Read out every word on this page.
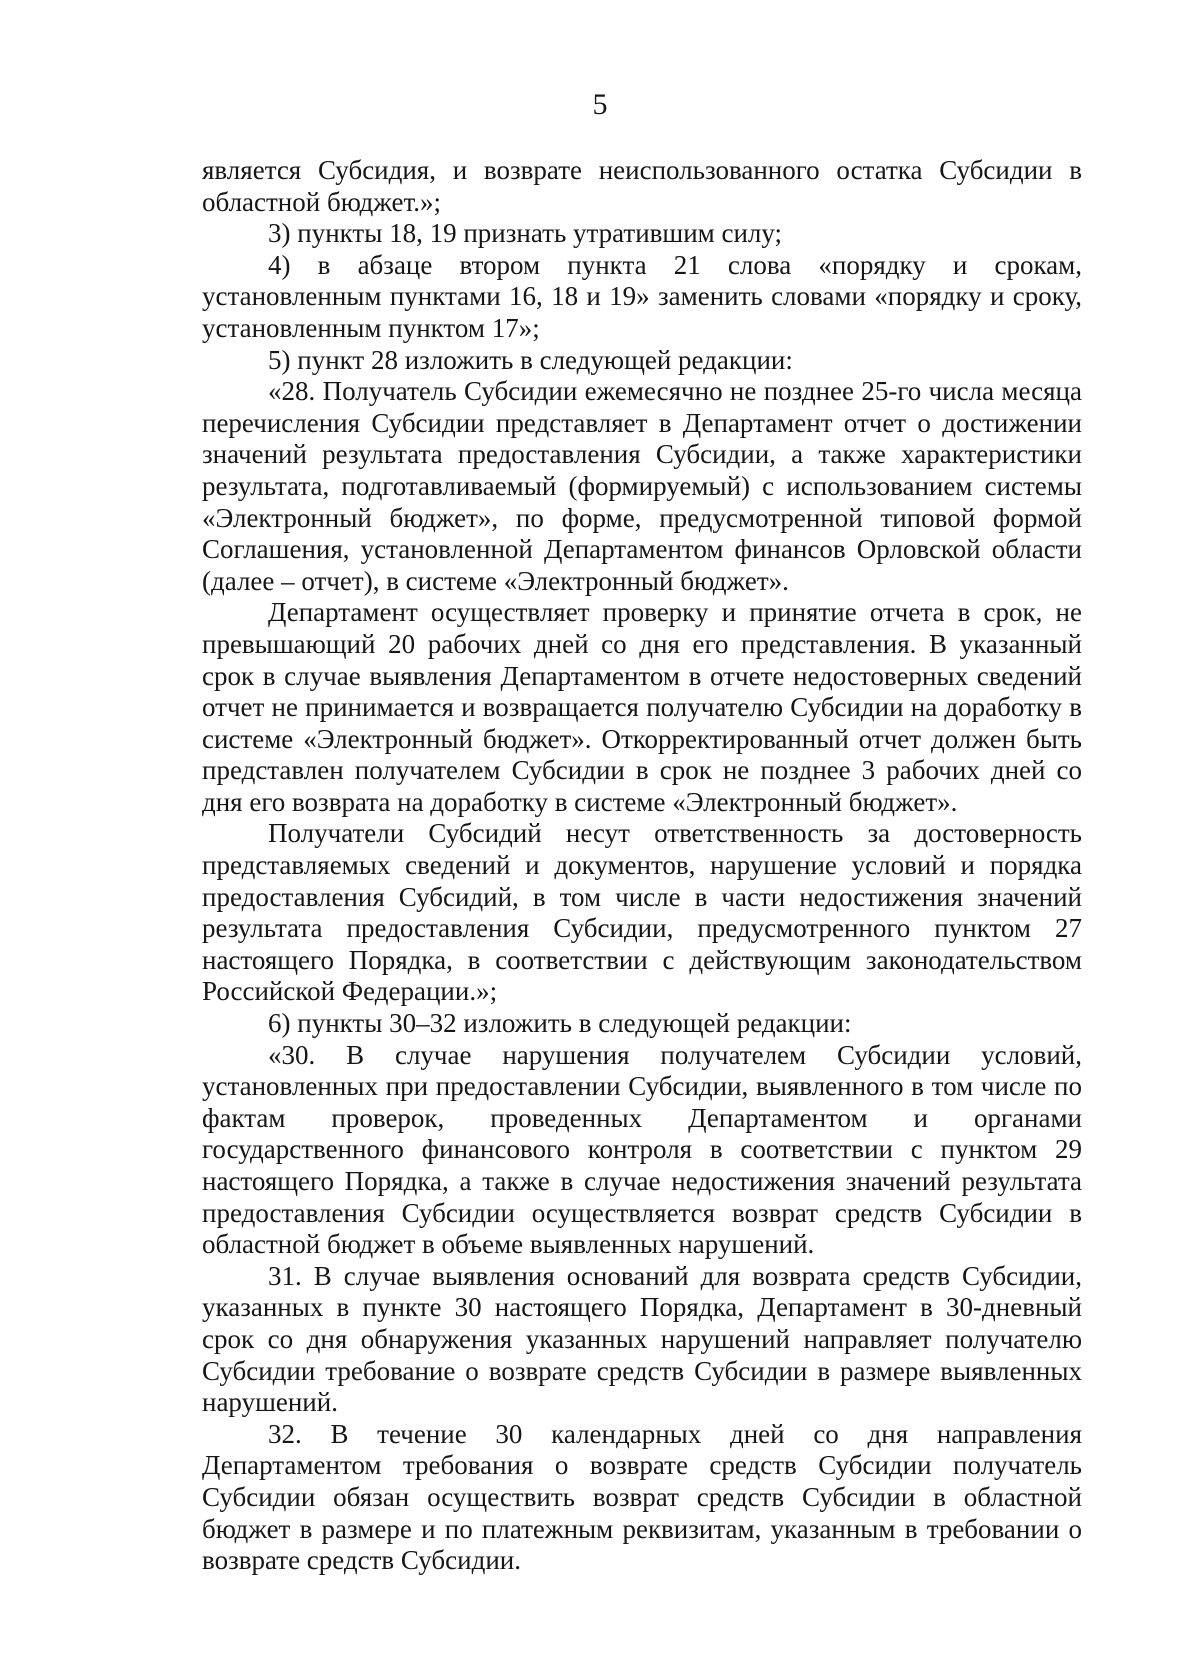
5

является Субсидия, и возврате неиспользованного остатка Субсидии в областной бюджет.»;

3) пункты 18, 19 признать утратившим силу;

4) в абзаце втором пункта 21 слова «порядку и срокам, установленным пунктами 16, 18 и 19» заменить словами «порядку и сроку, установленным пунктом 17»;

5) пункт 28 изложить в следующей редакции:

«28. Получатель Субсидии ежемесячно не позднее 25-го числа месяца перечисления Субсидии представляет в Департамент отчет о достижении значений результата предоставления Субсидии, а также характеристики результата, подготавливаемый (формируемый) с использованием системы «Электронный бюджет», по форме, предусмотренной типовой формой Соглашения, установленной Департаментом финансов Орловской области (далее – отчет), в системе «Электронный бюджет».

Департамент осуществляет проверку и принятие отчета в срок, не превышающий 20 рабочих дней со дня его представления. В указанный срок в случае выявления Департаментом в отчете недостоверных сведений отчет не принимается и возвращается получателю Субсидии на доработку в системе «Электронный бюджет». Откорректированный отчет должен быть представлен получателем Субсидии в срок не позднее 3 рабочих дней со дня его возврата на доработку в системе «Электронный бюджет».

Получатели Субсидий несут ответственность за достоверность представляемых сведений и документов, нарушение условий и порядка предоставления Субсидий, в том числе в части недостижения значений результата предоставления Субсидии, предусмотренного пунктом 27 настоящего Порядка, в соответствии с действующим законодательством Российской Федерации.»;

6) пункты 30–32 изложить в следующей редакции:

«30. В случае нарушения получателем Субсидии условий, установленных при предоставлении Субсидии, выявленного в том числе по фактам проверок, проведенных Департаментом и органами государственного финансового контроля в соответствии с пунктом 29 настоящего Порядка, а также в случае недостижения значений результата предоставления Субсидии осуществляется возврат средств Субсидии в областной бюджет в объеме выявленных нарушений.

31. В случае выявления оснований для возврата средств Субсидии, указанных в пункте 30 настоящего Порядка, Департамент в 30-дневный срок со дня обнаружения указанных нарушений направляет получателю Субсидии требование о возврате средств Субсидии в размере выявленных нарушений.

32. В течение 30 календарных дней со дня направления Департаментом требования о возврате средств Субсидии получатель Субсидии обязан осуществить возврат средств Субсидии в областной бюджет в размере и по платежным реквизитам, указанным в требовании о возврате средств Субсидии.
